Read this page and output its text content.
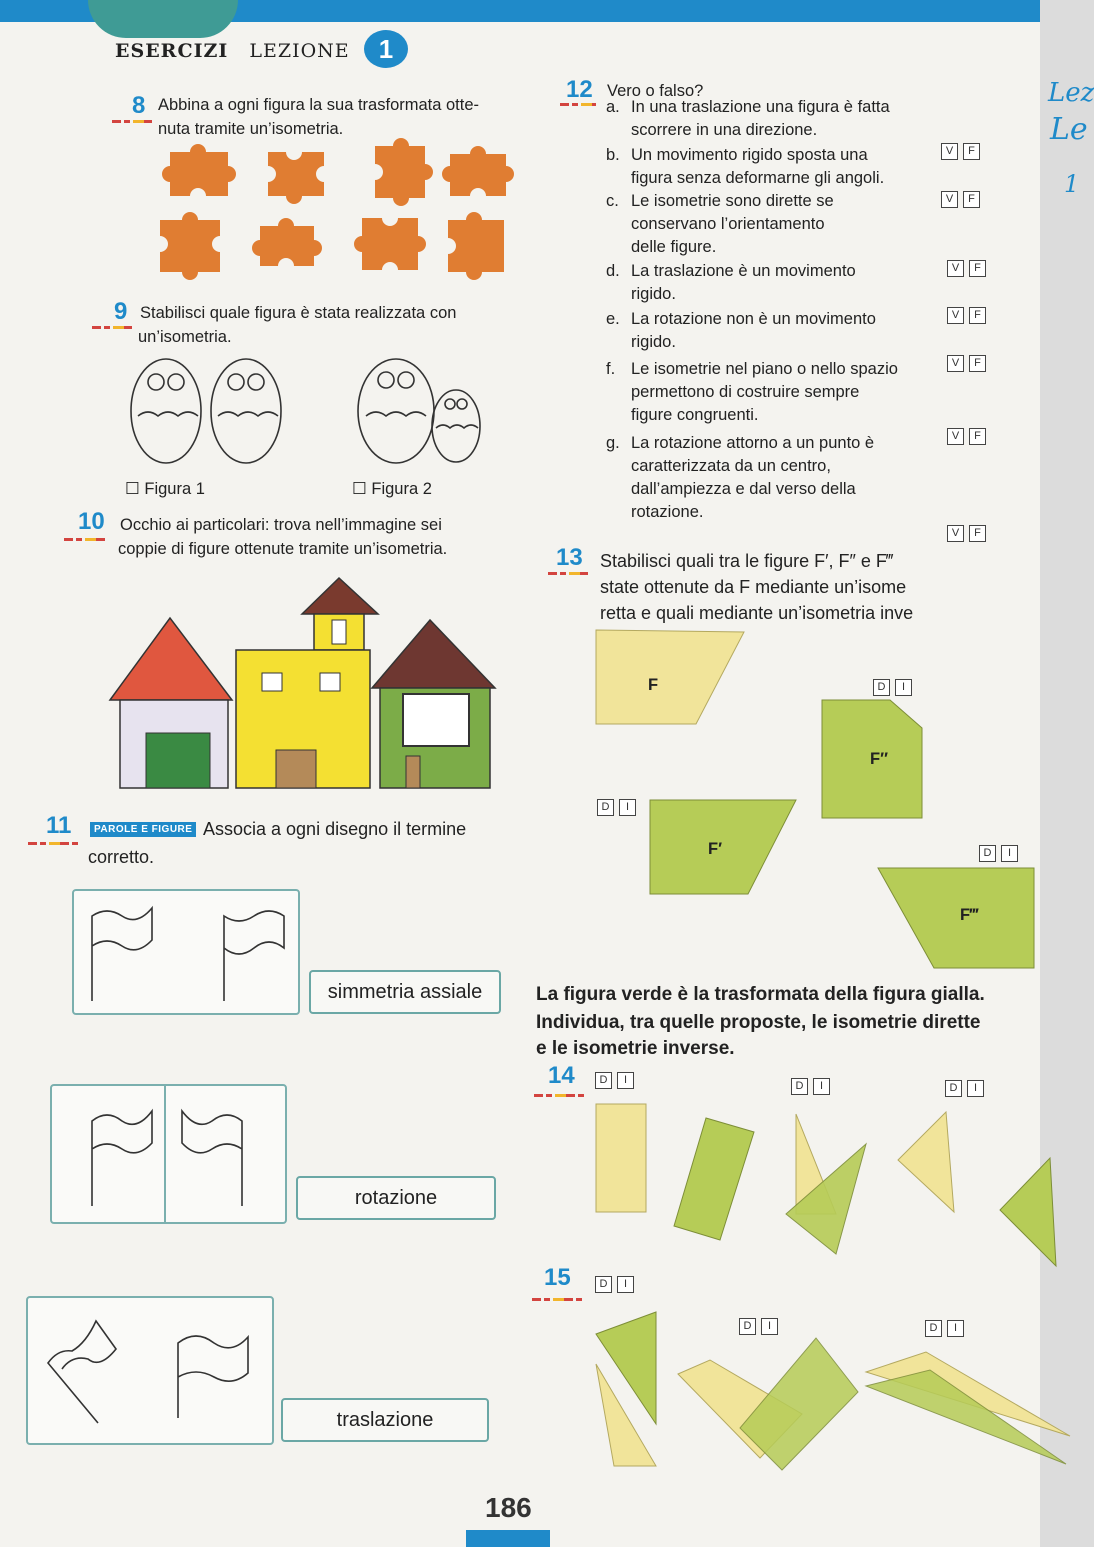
ESERCIZI LEZIONE	1
8 Abbina a ogni figura la sua trasformata otte-
nuta tramite un’isometria.
9 Stabilisci quale figura è stata realizzata con
un’isometria.
☐ Figura 1	☐ Figura 2
10 Occhio ai particolari: trova nell’immagine sei
coppie di figure ottenute tramite un’isometria.
11	PAROLE E FIGURE Associa a ogni disegno il termine
corretto.
simmetria assiale
rotazione
traslazione
12 Vero o falso?
a. In una traslazione una figura è fatta
scorrere in una direzione.
V F
b. Un movimento rigido sposta una
figura senza deformarne gli angoli.
V F
c. Le isometrie sono dirette se
conservano l’orientamento
delle figure.
V F
d. La traslazione è un movimento
rigido.
V F
e. La rotazione non è un movimento
rigido.
V F
f. Le isometrie nel piano o nello spazio
permettono di costruire sempre
figure congruenti.
V F
g. La rotazione attorno a un punto è
caratterizzata da un centro,
dall’ampiezza e dal verso della
rotazione.
V F
13 Stabilisci quali tra le figure F′, F″ e F‴
state ottenute da F mediante un’isome
retta e quali mediante un’isometria inve
F
F″
F′
F‴
D I
D I
D I
La figura verde è la trasformata della figura gialla.
Individua, tra quelle proposte, le isometrie dirette
e le isometrie inverse.
14	D I	D I	D I
15	D I
D I	D I
186
Lez
Le
1
